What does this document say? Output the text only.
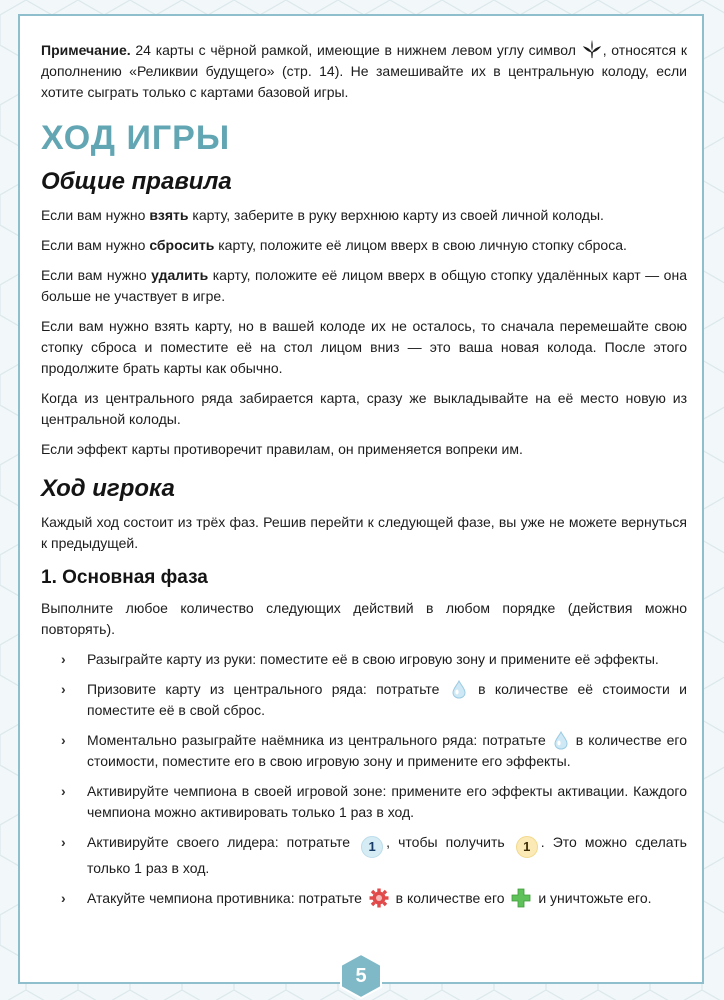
Примечание. 24 карты с чёрной рамкой, имеющие в нижнем левом углу символ , относятся к дополнению «Реликвии будущего» (стр. 14). Не замешивайте их в центральную колоду, если хотите сыграть только с картами базовой игры.

ХОД ИГРЫ
Общие правила

Если вам нужно взять карту, заберите в руку верхнюю карту из своей личной колоды.

Если вам нужно сбросить карту, положите её лицом вверх в свою личную стопку сброса.

Если вам нужно удалить карту, положите её лицом вверх в общую стопку удалённых карт — она больше не участвует в игре.

Если вам нужно взять карту, но в вашей колоде их не осталось, то сначала перемешайте свою стопку сброса и поместите её на стол лицом вниз — это ваша новая колода. После этого продолжите брать карты как обычно.

Когда из центрального ряда забирается карта, сразу же выкладывайте на её место новую из центральной колоды.

Если эффект карты противоречит правилам, он применяется вопреки им.

Ход игрока

Каждый ход состоит из трёх фаз. Решив перейти к следующей фазе, вы уже не можете вернуться к предыдущей.

1. Основная фаза

Выполните любое количество следующих действий в любом порядке (действия можно повторять).

› Разыграйте карту из руки: поместите её в свою игровую зону и примените её эффекты.
› Призовите карту из центрального ряда: потратьте  в количестве её стоимости и поместите её в свой сброс.
› Моментально разыграйте наёмника из центрального ряда: потратьте  в количестве его стоимости, поместите его в свою игровую зону и примените его эффекты.
› Активируйте чемпиона в своей игровой зоне: примените его эффекты активации. Каждого чемпиона можно активировать только 1 раз в ход.
› Активируйте своего лидера: потратьте 1 , чтобы получить 1 . Это можно сделать только 1 раз в ход.
› Атакуйте чемпиона противника: потратьте  в количестве его  и уничтожьте его.
5
